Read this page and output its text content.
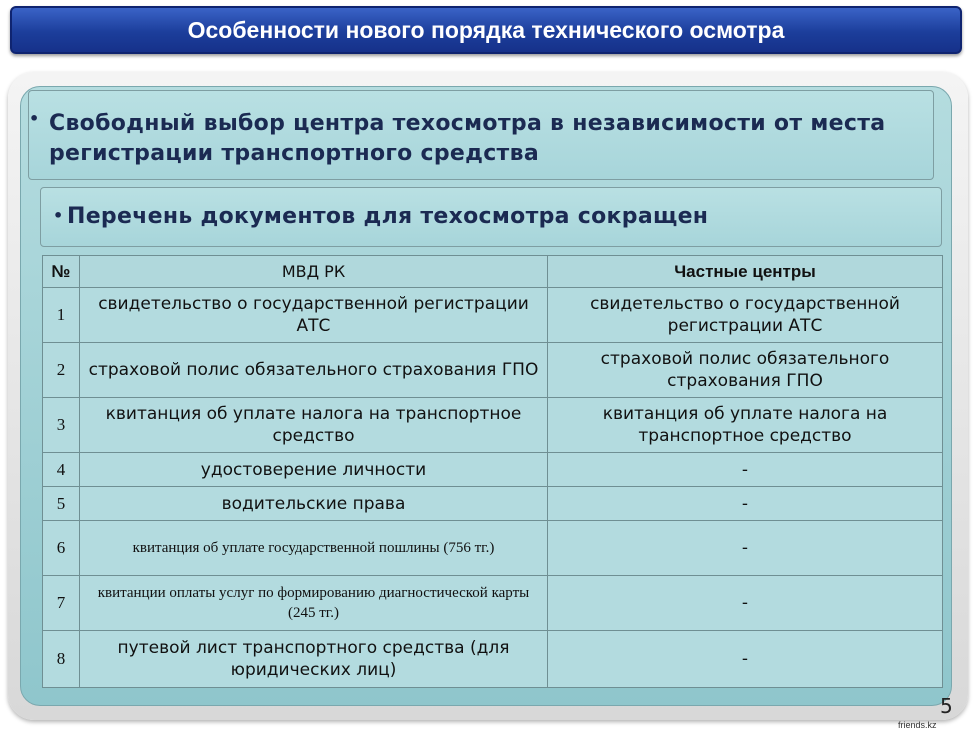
Особенности нового порядка технического осмотра
• Свободный выбор центра техосмотра в независимости от места регистрации транспортного средства
• Перечень документов для техосмотра сокращен
№	МВД РК	Частные центры
1	свидетельство о государственной регистрации АТС	свидетельство о государственной регистрации АТС
2	страховой полис обязательного страхования ГПО	страховой полис обязательного страхования ГПО
3	квитанция об уплате налога на транспортное средство	квитанция об уплате налога на транспортное средство
4	удостоверение личности	-
5	водительские права	-
6	квитанция об уплате государственной пошлины (756 тг.)	-
7	квитанции оплаты услуг по формированию диагностической карты (245 тг.)	-
8	путевой лист транспортного средства (для юридических лиц)	-
5
friends.kz
